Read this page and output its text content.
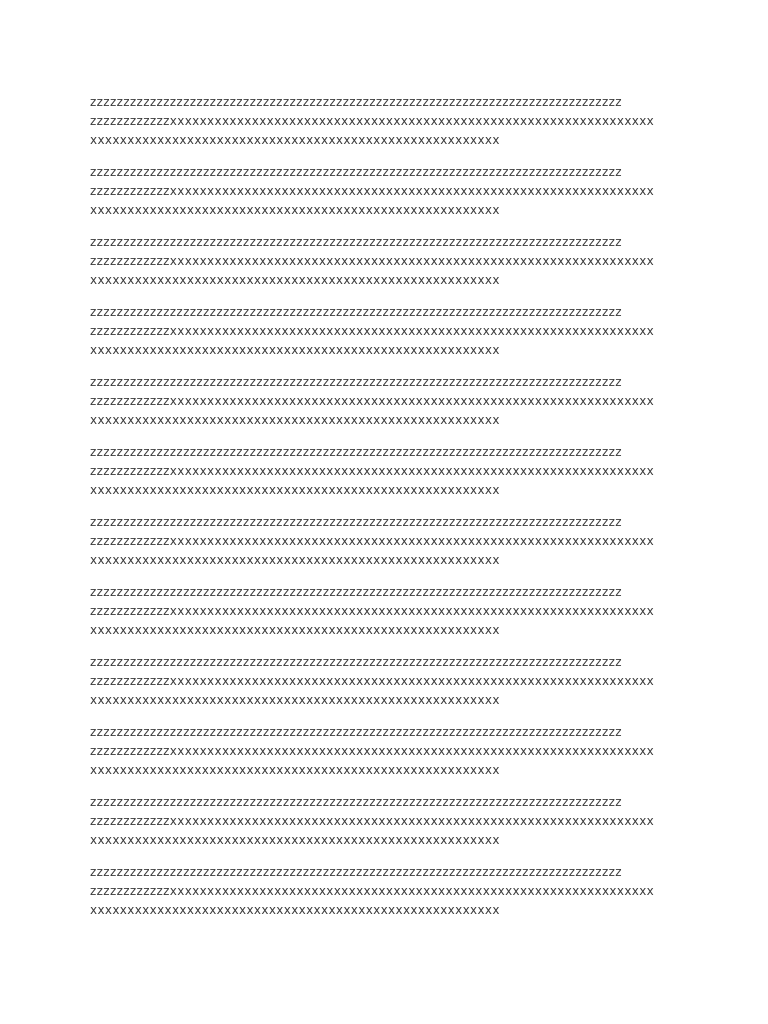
zzzzzzzzzzzzzzzzzzzzzzzzzzzzzzzzzzzzzzzzzzzzzzzzzzzzzzzzzzzzzzzzzzzzzzzzzzzzzzzz
zzzzzzzzzzzzxxxxxxxxxxxxxxxxxxxxxxxxxxxxxxxxxxxxxxxxxxxxxxxxxxxxxxxxxxxxxxxxx
xxxxxxxxxxxxxxxxxxxxxxxxxxxxxxxxxxxxxxxxxxxxxxxxxxxxxxx
zzzzzzzzzzzzzzzzzzzzzzzzzzzzzzzzzzzzzzzzzzzzzzzzzzzzzzzzzzzzzzzzzzzzzzzzzzzzzzzz
zzzzzzzzzzzzxxxxxxxxxxxxxxxxxxxxxxxxxxxxxxxxxxxxxxxxxxxxxxxxxxxxxxxxxxxxxxxxx
xxxxxxxxxxxxxxxxxxxxxxxxxxxxxxxxxxxxxxxxxxxxxxxxxxxxxxx
zzzzzzzzzzzzzzzzzzzzzzzzzzzzzzzzzzzzzzzzzzzzzzzzzzzzzzzzzzzzzzzzzzzzzzzzzzzzzzzz
zzzzzzzzzzzzxxxxxxxxxxxxxxxxxxxxxxxxxxxxxxxxxxxxxxxxxxxxxxxxxxxxxxxxxxxxxxxxx
xxxxxxxxxxxxxxxxxxxxxxxxxxxxxxxxxxxxxxxxxxxxxxxxxxxxxxx
zzzzzzzzzzzzzzzzzzzzzzzzzzzzzzzzzzzzzzzzzzzzzzzzzzzzzzzzzzzzzzzzzzzzzzzzzzzzzzzz
zzzzzzzzzzzzxxxxxxxxxxxxxxxxxxxxxxxxxxxxxxxxxxxxxxxxxxxxxxxxxxxxxxxxxxxxxxxxx
xxxxxxxxxxxxxxxxxxxxxxxxxxxxxxxxxxxxxxxxxxxxxxxxxxxxxxx
zzzzzzzzzzzzzzzzzzzzzzzzzzzzzzzzzzzzzzzzzzzzzzzzzzzzzzzzzzzzzzzzzzzzzzzzzzzzzzzz
zzzzzzzzzzzzxxxxxxxxxxxxxxxxxxxxxxxxxxxxxxxxxxxxxxxxxxxxxxxxxxxxxxxxxxxxxxxxx
xxxxxxxxxxxxxxxxxxxxxxxxxxxxxxxxxxxxxxxxxxxxxxxxxxxxxxx
zzzzzzzzzzzzzzzzzzzzzzzzzzzzzzzzzzzzzzzzzzzzzzzzzzzzzzzzzzzzzzzzzzzzzzzzzzzzzzzz
zzzzzzzzzzzzxxxxxxxxxxxxxxxxxxxxxxxxxxxxxxxxxxxxxxxxxxxxxxxxxxxxxxxxxxxxxxxxx
xxxxxxxxxxxxxxxxxxxxxxxxxxxxxxxxxxxxxxxxxxxxxxxxxxxxxxx
zzzzzzzzzzzzzzzzzzzzzzzzzzzzzzzzzzzzzzzzzzzzzzzzzzzzzzzzzzzzzzzzzzzzzzzzzzzzzzzz
zzzzzzzzzzzzxxxxxxxxxxxxxxxxxxxxxxxxxxxxxxxxxxxxxxxxxxxxxxxxxxxxxxxxxxxxxxxxx
xxxxxxxxxxxxxxxxxxxxxxxxxxxxxxxxxxxxxxxxxxxxxxxxxxxxxxx
zzzzzzzzzzzzzzzzzzzzzzzzzzzzzzzzzzzzzzzzzzzzzzzzzzzzzzzzzzzzzzzzzzzzzzzzzzzzzzzz
zzzzzzzzzzzzxxxxxxxxxxxxxxxxxxxxxxxxxxxxxxxxxxxxxxxxxxxxxxxxxxxxxxxxxxxxxxxxx
xxxxxxxxxxxxxxxxxxxxxxxxxxxxxxxxxxxxxxxxxxxxxxxxxxxxxxx
zzzzzzzzzzzzzzzzzzzzzzzzzzzzzzzzzzzzzzzzzzzzzzzzzzzzzzzzzzzzzzzzzzzzzzzzzzzzzzzz
zzzzzzzzzzzzxxxxxxxxxxxxxxxxxxxxxxxxxxxxxxxxxxxxxxxxxxxxxxxxxxxxxxxxxxxxxxxxx
xxxxxxxxxxxxxxxxxxxxxxxxxxxxxxxxxxxxxxxxxxxxxxxxxxxxxxx
zzzzzzzzzzzzzzzzzzzzzzzzzzzzzzzzzzzzzzzzzzzzzzzzzzzzzzzzzzzzzzzzzzzzzzzzzzzzzzzz
zzzzzzzzzzzzxxxxxxxxxxxxxxxxxxxxxxxxxxxxxxxxxxxxxxxxxxxxxxxxxxxxxxxxxxxxxxxxx
xxxxxxxxxxxxxxxxxxxxxxxxxxxxxxxxxxxxxxxxxxxxxxxxxxxxxxx
zzzzzzzzzzzzzzzzzzzzzzzzzzzzzzzzzzzzzzzzzzzzzzzzzzzzzzzzzzzzzzzzzzzzzzzzzzzzzzzz
zzzzzzzzzzzzxxxxxxxxxxxxxxxxxxxxxxxxxxxxxxxxxxxxxxxxxxxxxxxxxxxxxxxxxxxxxxxxx
xxxxxxxxxxxxxxxxxxxxxxxxxxxxxxxxxxxxxxxxxxxxxxxxxxxxxxx
zzzzzzzzzzzzzzzzzzzzzzzzzzzzzzzzzzzzzzzzzzzzzzzzzzzzzzzzzzzzzzzzzzzzzzzzzzzzzzzz
zzzzzzzzzzzzxxxxxxxxxxxxxxxxxxxxxxxxxxxxxxxxxxxxxxxxxxxxxxxxxxxxxxxxxxxxxxxxx
xxxxxxxxxxxxxxxxxxxxxxxxxxxxxxxxxxxxxxxxxxxxxxxxxxxxxxx
